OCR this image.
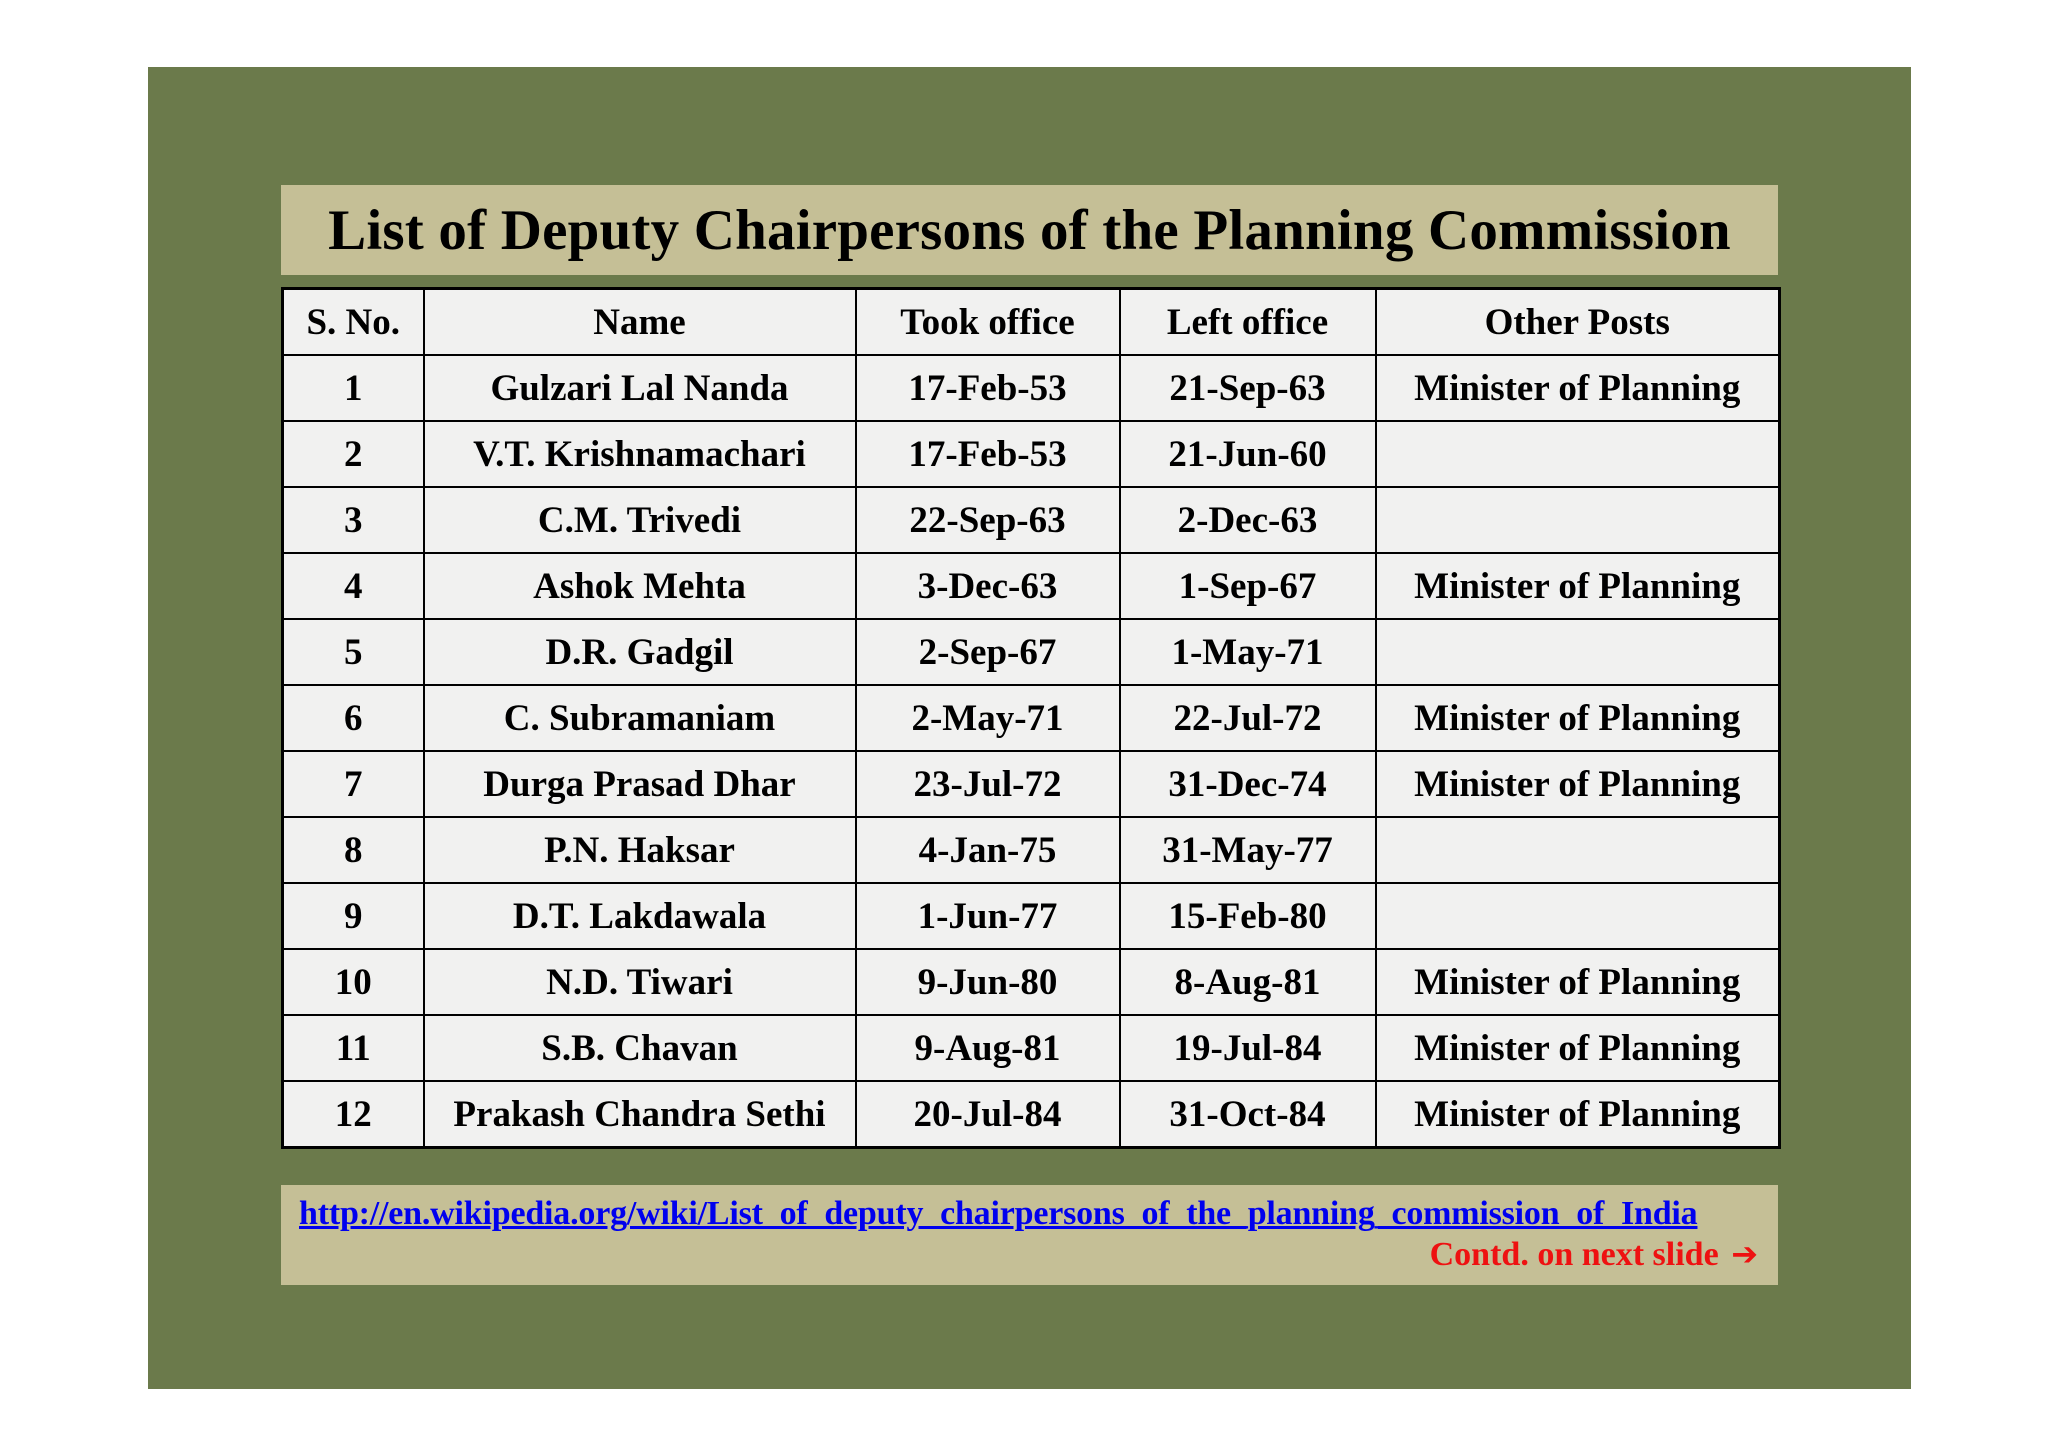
List of Deputy Chairpersons of the Planning Commission
S. No.	Name	Took office	Left office	Other Posts
1	Gulzari Lal Nanda	17-Feb-53	21-Sep-63	Minister of Planning
2	V.T. Krishnamachari	17-Feb-53	21-Jun-60	
3	C.M. Trivedi	22-Sep-63	2-Dec-63	
4	Ashok Mehta	3-Dec-63	1-Sep-67	Minister of Planning
5	D.R. Gadgil	2-Sep-67	1-May-71	
6	C. Subramaniam	2-May-71	22-Jul-72	Minister of Planning
7	Durga Prasad Dhar	23-Jul-72	31-Dec-74	Minister of Planning
8	P.N. Haksar	4-Jan-75	31-May-77	
9	D.T. Lakdawala	1-Jun-77	15-Feb-80	
10	N.D. Tiwari	9-Jun-80	8-Aug-81	Minister of Planning
11	S.B. Chavan	9-Aug-81	19-Jul-84	Minister of Planning
12	Prakash Chandra Sethi	20-Jul-84	31-Oct-84	Minister of Planning
http://en.wikipedia.org/wiki/List_of_deputy_chairpersons_of_the_planning_commission_of_India
Contd. on next slide ➔
